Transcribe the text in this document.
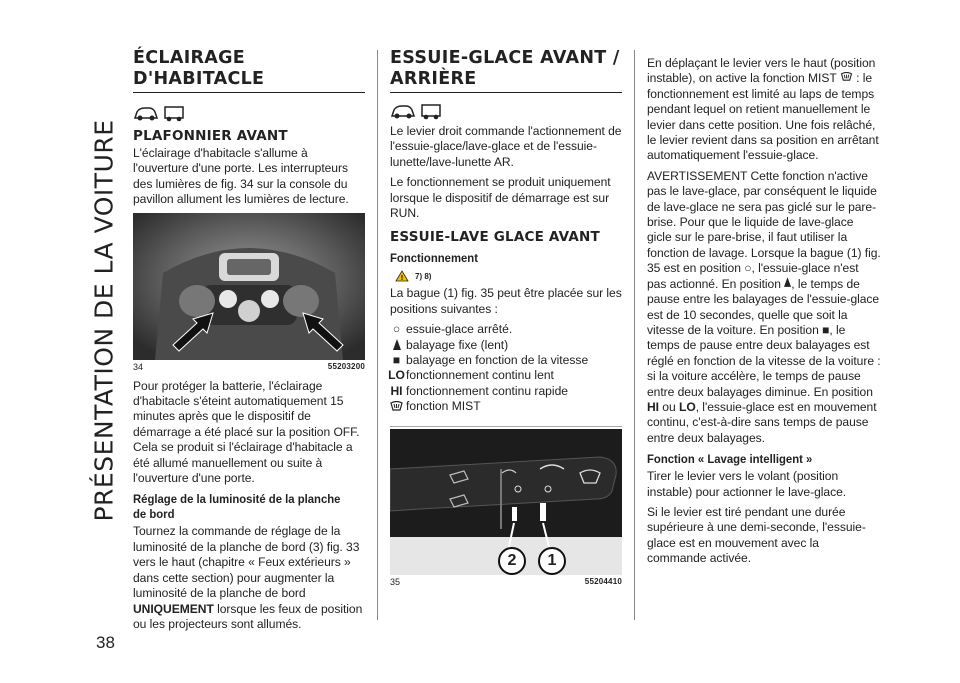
PRÉSENTATION DE LA VOITURE
38
ÉCLAIRAGE D'HABITACLE
PLAFONNIER AVANT
L'éclairage d'habitacle s'allume à l'ouverture d'une porte. Les interrupteurs des lumières de fig. 34 sur la console du pavillon allument les lumières de lecture.
34	55203200
Pour protéger la batterie, l'éclairage d'habitacle s'éteint automatiquement 15 minutes après que le dispositif de démarrage a été placé sur la position OFF. Cela se produit si l'éclairage d'habitacle a été allumé manuellement ou suite à l'ouverture d'une porte.
Réglage de la luminosité de la planche de bord
Tournez la commande de réglage de la luminosité de la planche de bord (3) fig. 33 vers le haut (chapitre « Feux extérieurs » dans cette section) pour augmenter la luminosité de la planche de bord UNIQUEMENT lorsque les feux de position ou les projecteurs sont allumés.
ESSUIE-GLACE AVANT / ARRIÈRE
Le levier droit commande l'actionnement de l'essuie-glace/lave-glace et de l'essuie-lunette/lave-lunette AR.
Le fonctionnement se produit uniquement lorsque le dispositif de démarrage est sur RUN.
ESSUIE-LAVE GLACE AVANT
Fonctionnement
! 7) 8)
La bague (1) fig. 35 peut être placée sur les positions suivantes :
○ essuie-glace arrêté.
balayage fixe (lent)
■ balayage en fonction de la vitesse
LO fonctionnement continu lent
HI fonctionnement continu rapide
fonction MIST
2	1
35	55204410
En déplaçant le levier vers le haut (position instable), on active la fonction MIST  : le fonctionnement est limité au laps de temps pendant lequel on retient manuellement le levier dans cette position. Une fois relâché, le levier revient dans sa position en arrêtant automatiquement l'essuie-glace.
AVERTISSEMENT Cette fonction n'active pas le lave-glace, par conséquent le liquide de lave-glace ne sera pas giclé sur le pare-brise. Pour que le liquide de lave-glace gicle sur le pare-brise, il faut utiliser la fonction de lavage. Lorsque la bague (1) fig. 35 est en position ○, l'essuie-glace n'est pas actionné. En position , le temps de pause entre les balayages de l'essuie-glace est de 10 secondes, quelle que soit la vitesse de la voiture. En position ■, le temps de pause entre deux balayages est réglé en fonction de la vitesse de la voiture : si la voiture accélère, le temps de pause entre deux balayages diminue. En position HI ou LO, l'essuie-glace est en mouvement continu, c'est-à-dire sans temps de pause entre deux balayages.
Fonction « Lavage intelligent »
Tirer le levier vers le volant (position instable) pour actionner le lave-glace.
Si le levier est tiré pendant une durée supérieure à une demi-seconde, l'essuie-glace est en mouvement avec la commande activée.
